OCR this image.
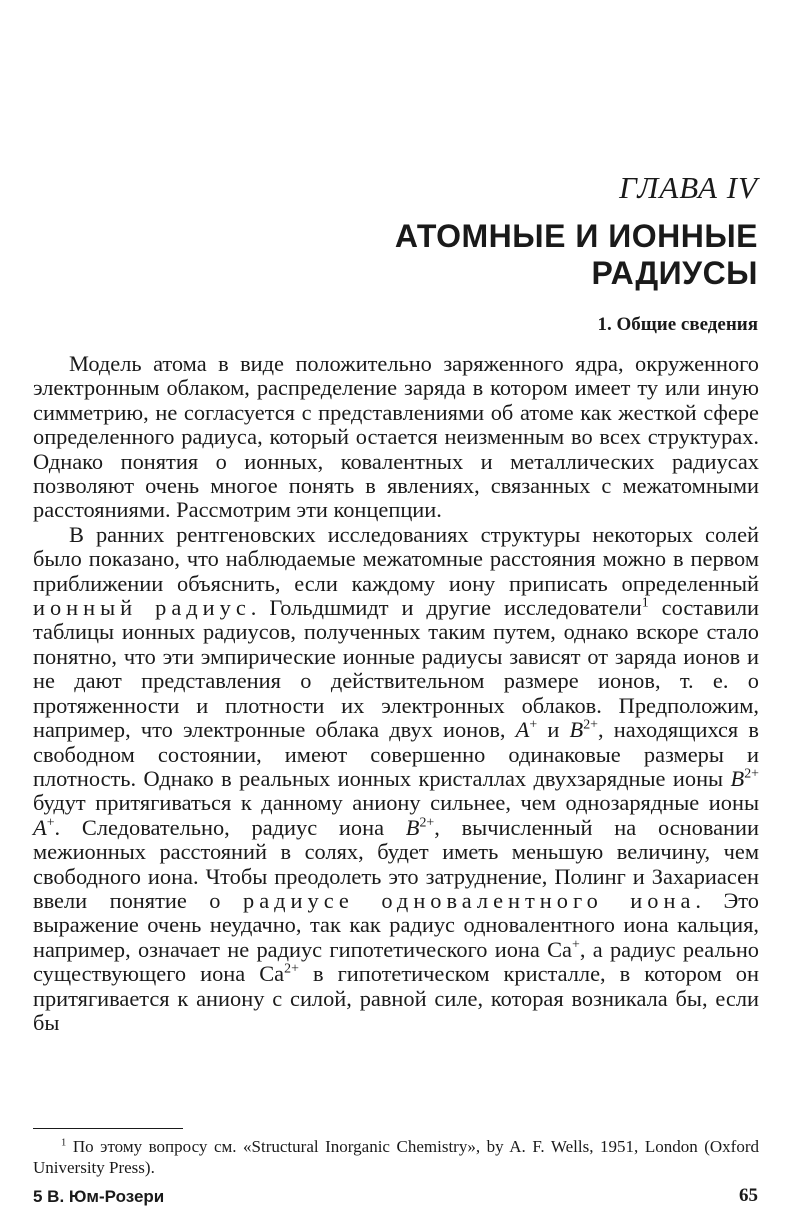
ГЛАВА IV
АТОМНЫЕ И ИОННЫЕ РАДИУСЫ
1. Общие сведения

Модель атома в виде положительно заряженного ядра, окруженного электронным облаком, распределение заряда в котором имеет ту или иную симметрию, не согласуется с представлениями об атоме как жесткой сфере определенного радиуса, который остается неизменным во всех структурах. Однако понятия о ионных, ковалентных и металлических радиусах позволяют очень многое понять в явлениях, связанных с межатомными расстояниями. Рассмотрим эти концепции.

В ранних рентгеновских исследованиях структуры некоторых солей было показано, что наблюдаемые межатомные расстояния можно в первом приближении объяснить, если каждому иону приписать определенный ионный радиус. Гольдшмидт и другие исследователи$^1$ составили таблицы ионных радиусов, полученных таким путем, однако вскоре стало понятно, что эти эмпирические ионные радиусы зависят от заряда ионов и не дают представления о действительном размере ионов, т. е. о протяженности и плотности их электронных облаков. Предположим, например, что электронные облака двух ионов, A+ и $B^{2+}$, находящихся в свободном состоянии, имеют совершенно одинаковые размеры и плотность. Однако в реальных ионных кристаллах двухзарядные ионы $B^{2+}$ будут притягиваться к данному аниону сильнее, чем однозарядные ионы A+. Следовательно, радиус иона $B^{2+}$, вычисленный на основании межионных расстояний в солях, будет иметь меньшую величину, чем свободного иона. Чтобы преодолеть это затруднение, Полинг и Захариасен ввели понятие о радиусе одновалентного иона. Это выражение очень неудачно, так как радиус одновалентного иона кальция, например, означает не радиус гипотетического иона Ca+, а радиус реально существующего иона $Ca^{2+}$ в гипотетическом кристалле, в котором он притягивается к аниону с силой, равной силе, которая возникала бы, если бы

$^1$ По этому вопросу см. «Structural Inorganic Chemistry», by A. F. Wells, 1951, London (Oxford University Press).
5 В. Юм-Розери	65
